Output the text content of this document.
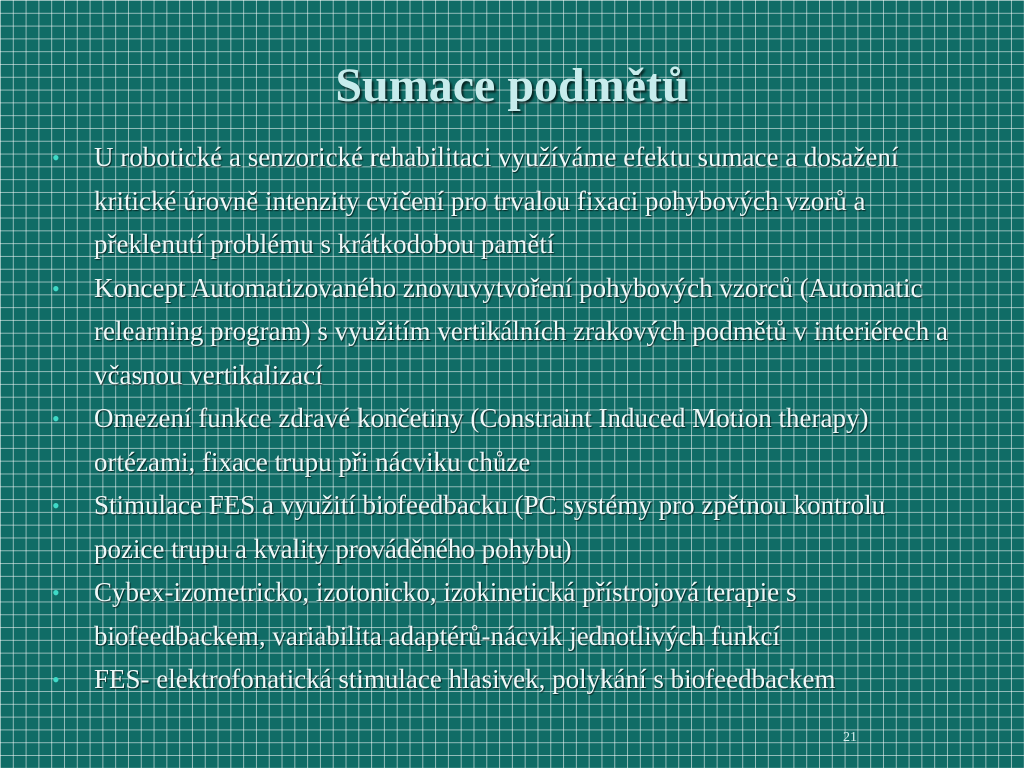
Sumace podmětů
• U robotické a senzorické rehabilitaci využíváme efektu sumace a dosažení kritické úrovně intenzity cvičení pro trvalou fixaci pohybových vzorů a překlenutí problému s krátkodobou pamětí
• Koncept Automatizovaného znovuvytvoření pohybových vzorců (Automatic relearning program) s využitím vertikálních zrakových podmětů v interiérech a včasnou vertikalizací
• Omezení funkce zdravé končetiny (Constraint Induced Motion therapy) ortézami, fixace trupu při nácviku chůze
• Stimulace FES a využití biofeedbacku (PC systémy pro zpětnou kontrolu pozice trupu a kvality prováděného pohybu)
• Cybex-izometricko, izotonicko, izokinetická přístrojová terapie s biofeedbackem, variabilita adaptérů-nácvik jednotlivých funkcí
• FES- elektrofonatická stimulace hlasivek, polykání s biofeedbackem
21
